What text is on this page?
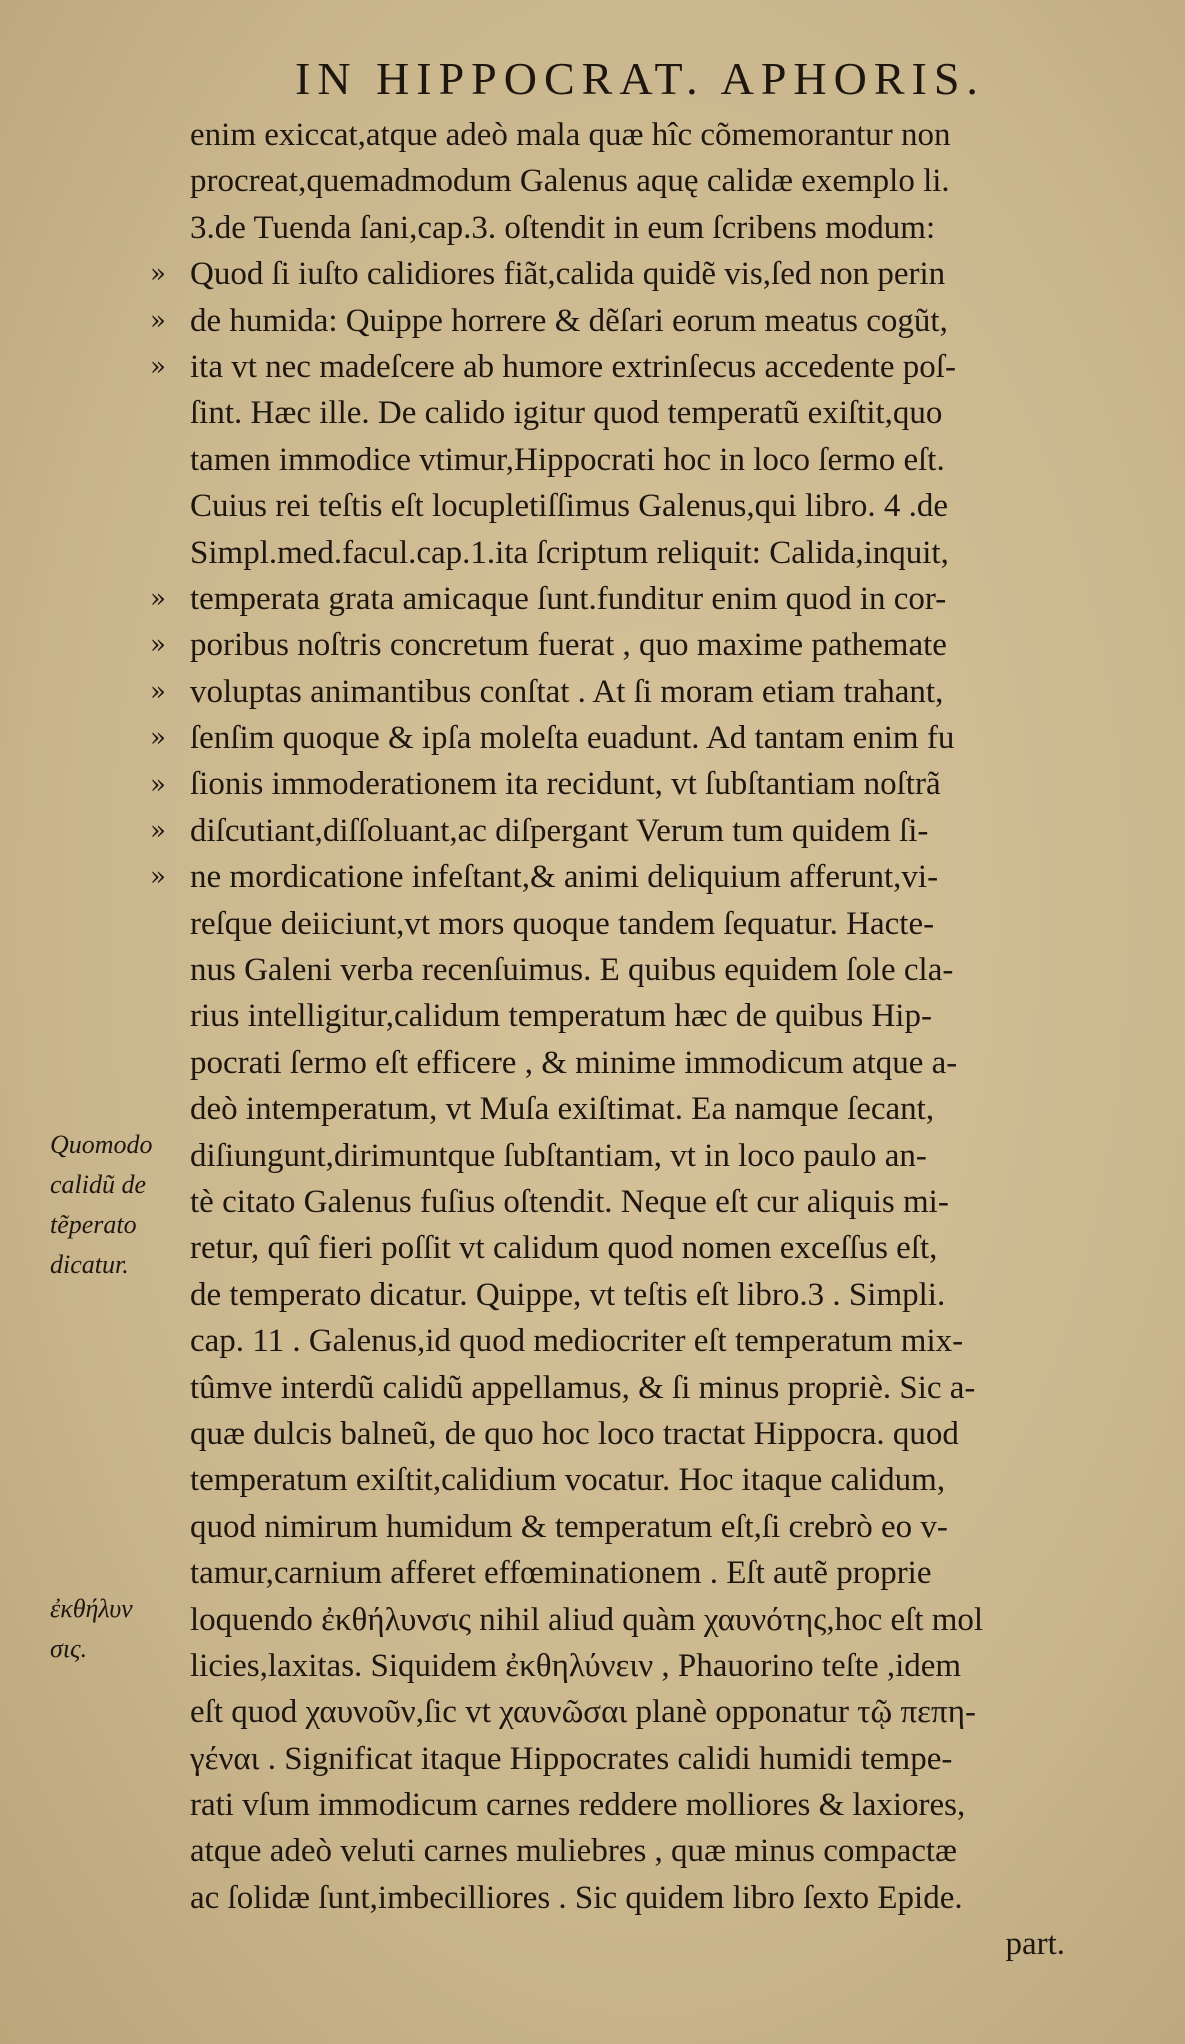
IN HIPPOCRAT. APHORIS.
enim exiccat,atque adeò mala quæ hîc cõmemorantur non
procreat,quemadmodum Galenus aquę calidæ exemplo li.
3.de Tuenda ſani,cap.3. oſtendit in eum ſcribens modum:
Quod ſi iuſto calidiores fiãt,calida quidẽ vis,ſed non perin
de humida: Quippe horrere & dẽſari eorum meatus cogũt,
ita vt nec madeſcere ab humore extrinſecus accedente poſ-
ſint. Hæc ille. De calido igitur quod temperatũ exiſtit,quo
tamen immodice vtimur,Hippocrati hoc in loco ſermo eſt.
Cuius rei teſtis eſt locupletiſſimus Galenus,qui libro. 4 .de
Simpl.med.facul.cap.1.ita ſcriptum reliquit: Calida,inquit,
temperata grata amicaque ſunt.funditur enim quod in cor-
poribus noſtris concretum fuerat , quo maxime pathemate
voluptas animantibus conſtat . At ſi moram etiam trahant,
ſenſim quoque & ipſa moleſta euadunt. Ad tantam enim fu
ſionis immoderationem ita recidunt, vt ſubſtantiam noſtrã
diſcutiant,diſſoluant,ac diſpergant Verum tum quidem ſi-
ne mordicatione infeſtant,& animi deliquium afferunt,vi-
reſque deiiciunt,vt mors quoque tandem ſequatur. Hacte-
nus Galeni verba recenſuimus. E quibus equidem ſole cla-
rius intelligitur,calidum temperatum hæc de quibus Hip-
pocrati ſermo eſt efficere , & minime immodicum atque a-
deò intemperatum, vt Muſa exiſtimat. Ea namque ſecant,
diſiungunt,dirimuntque ſubſtantiam, vt in loco paulo an-
tè citato Galenus fuſius oſtendit. Neque eſt cur aliquis mi-
retur, quî fieri poſſit vt calidum quod nomen exceſſus eſt,
de temperato dicatur. Quippe, vt teſtis eſt libro.3 . Simpli.
cap. 11 . Galenus,id quod mediocriter eſt temperatum mix-
tûmve interdũ calidũ appellamus, & ſi minus propriè. Sic a-
quæ dulcis balneũ, de quo hoc loco tractat Hippocra. quod
temperatum exiſtit,calidium vocatur. Hoc itaque calidum,
quod nimirum humidum & temperatum eſt,ſi crebrò eo v-
tamur,carnium afferet effœminationem . Eſt autẽ proprie
loquendo ἐκθήλυνσις nihil aliud quàm χαυνότης,hoc eſt mol
licies,laxitas. Siquidem ἐκθηλύνειν , Phauorino teſte ,idem
eſt quod χαυνοῦν,ſic vt χαυνῶσαι planè opponatur τῷ πεπη-
γέναι . Significat itaque Hippocrates calidi humidi tempe-
rati vſum immodicum carnes reddere molliores & laxiores,
atque adeò veluti carnes muliebres , quæ minus compactæ
ac ſolidæ ſunt,imbecilliores . Sic quidem libro ſexto Epide.
part.
»
»
»
»
»
»
»
»
»
»
Quomodo
calidũ de
tẽperato
dicatur.
ἐκθήλυν
σις.
